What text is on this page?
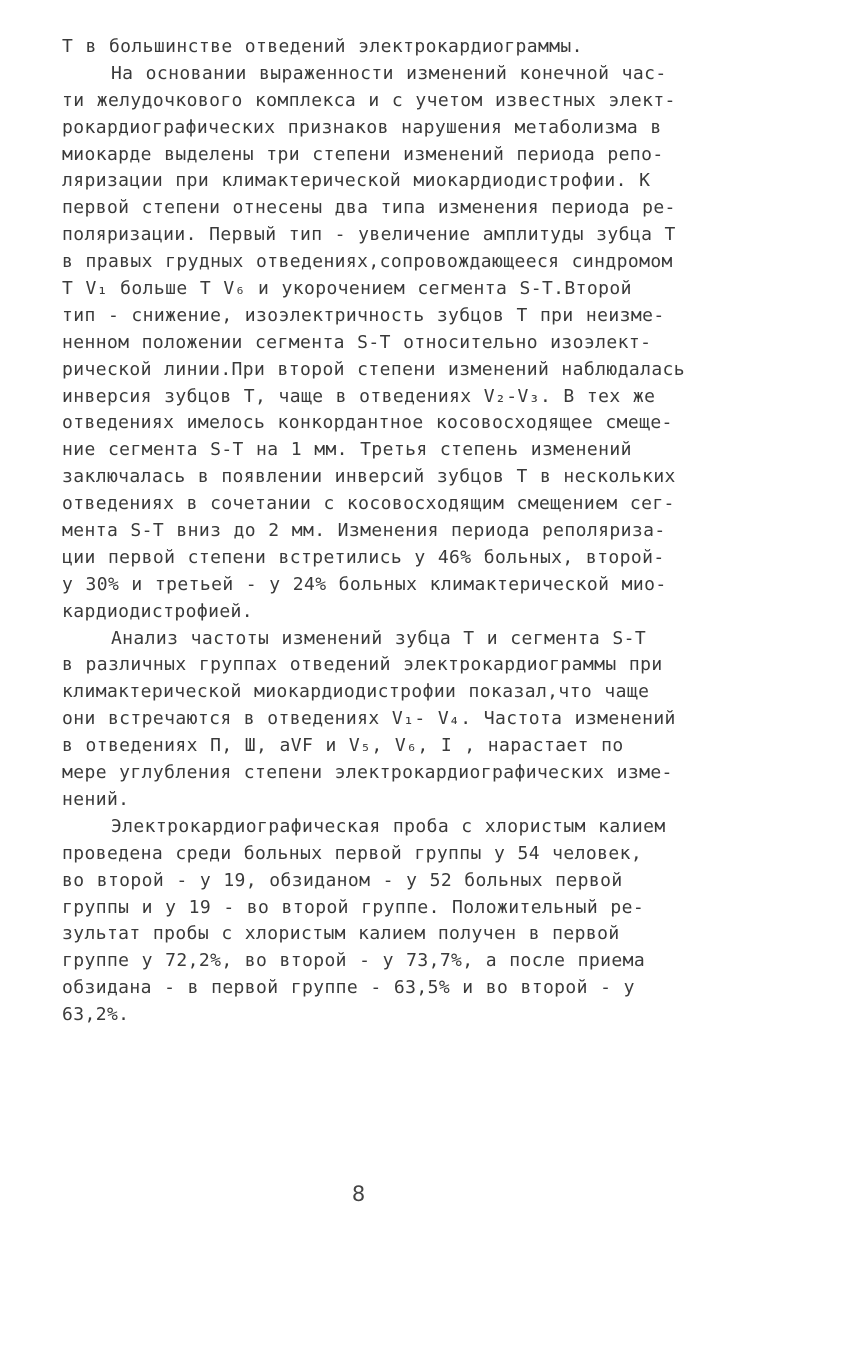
Т в большинстве отведений электрокардиограммы.
На основании выраженности изменений конечной час-
ти желудочкового комплекса и с учетом известных элект-
рокардиографических признаков нарушения метаболизма в
миокарде выделены три степени изменений периода репо-
ляризации при климактерической миокардиодистрофии. К
первой степени отнесены два типа изменения периода ре-
поляризации. Первый тип - увеличение амплитуды зубца Т
в правых грудных отведениях,сопровождающееся синдромом
Т V₁ больше Т V₆ и укорочением сегмента S-Т.Второй
тип - снижение, изоэлектричность зубцов Т при неизме-
ненном положении сегмента S-Т относительно изоэлект-
рической линии.При второй степени изменений наблюдалась
инверсия зубцов Т, чаще в отведениях V₂-V₃. В тех же
отведениях имелось конкордантное косовосходящее смеще-
ние сегмента S-Т на 1 мм. Третья степень изменений
заключалась в появлении инверсий зубцов Т в нескольких
отведениях в сочетании с косовосходящим смещением сег-
мента S-Т вниз до 2 мм. Изменения периода реполяриза-
ции первой степени встретились у 46% больных, второй-
у 30% и третьей - у 24% больных климактерической мио-
кардиодистрофией.
Анализ частоты изменений зубца Т и сегмента S-Т
в различных группах отведений электрокардиограммы при
климактерической миокардиодистрофии показал,что чаще
они встречаются в отведениях V₁- V₄. Частота изменений
в отведениях П, Ш, aVF и V₅, V₆, I , нарастает по
мере углубления степени электрокардиографических изме-
нений.
Электрокардиографическая проба с хлористым калием
проведена среди больных первой группы у 54 человек,
во второй - у 19, обзиданом - у 52 больных первой
группы и у 19 - во второй группе. Положительный ре-
зультат пробы с хлористым калием получен в первой
группе у 72,2%, во второй - у 73,7%, а после приема
обзидана - в первой группе - 63,5% и во второй - у
63,2%.
8
